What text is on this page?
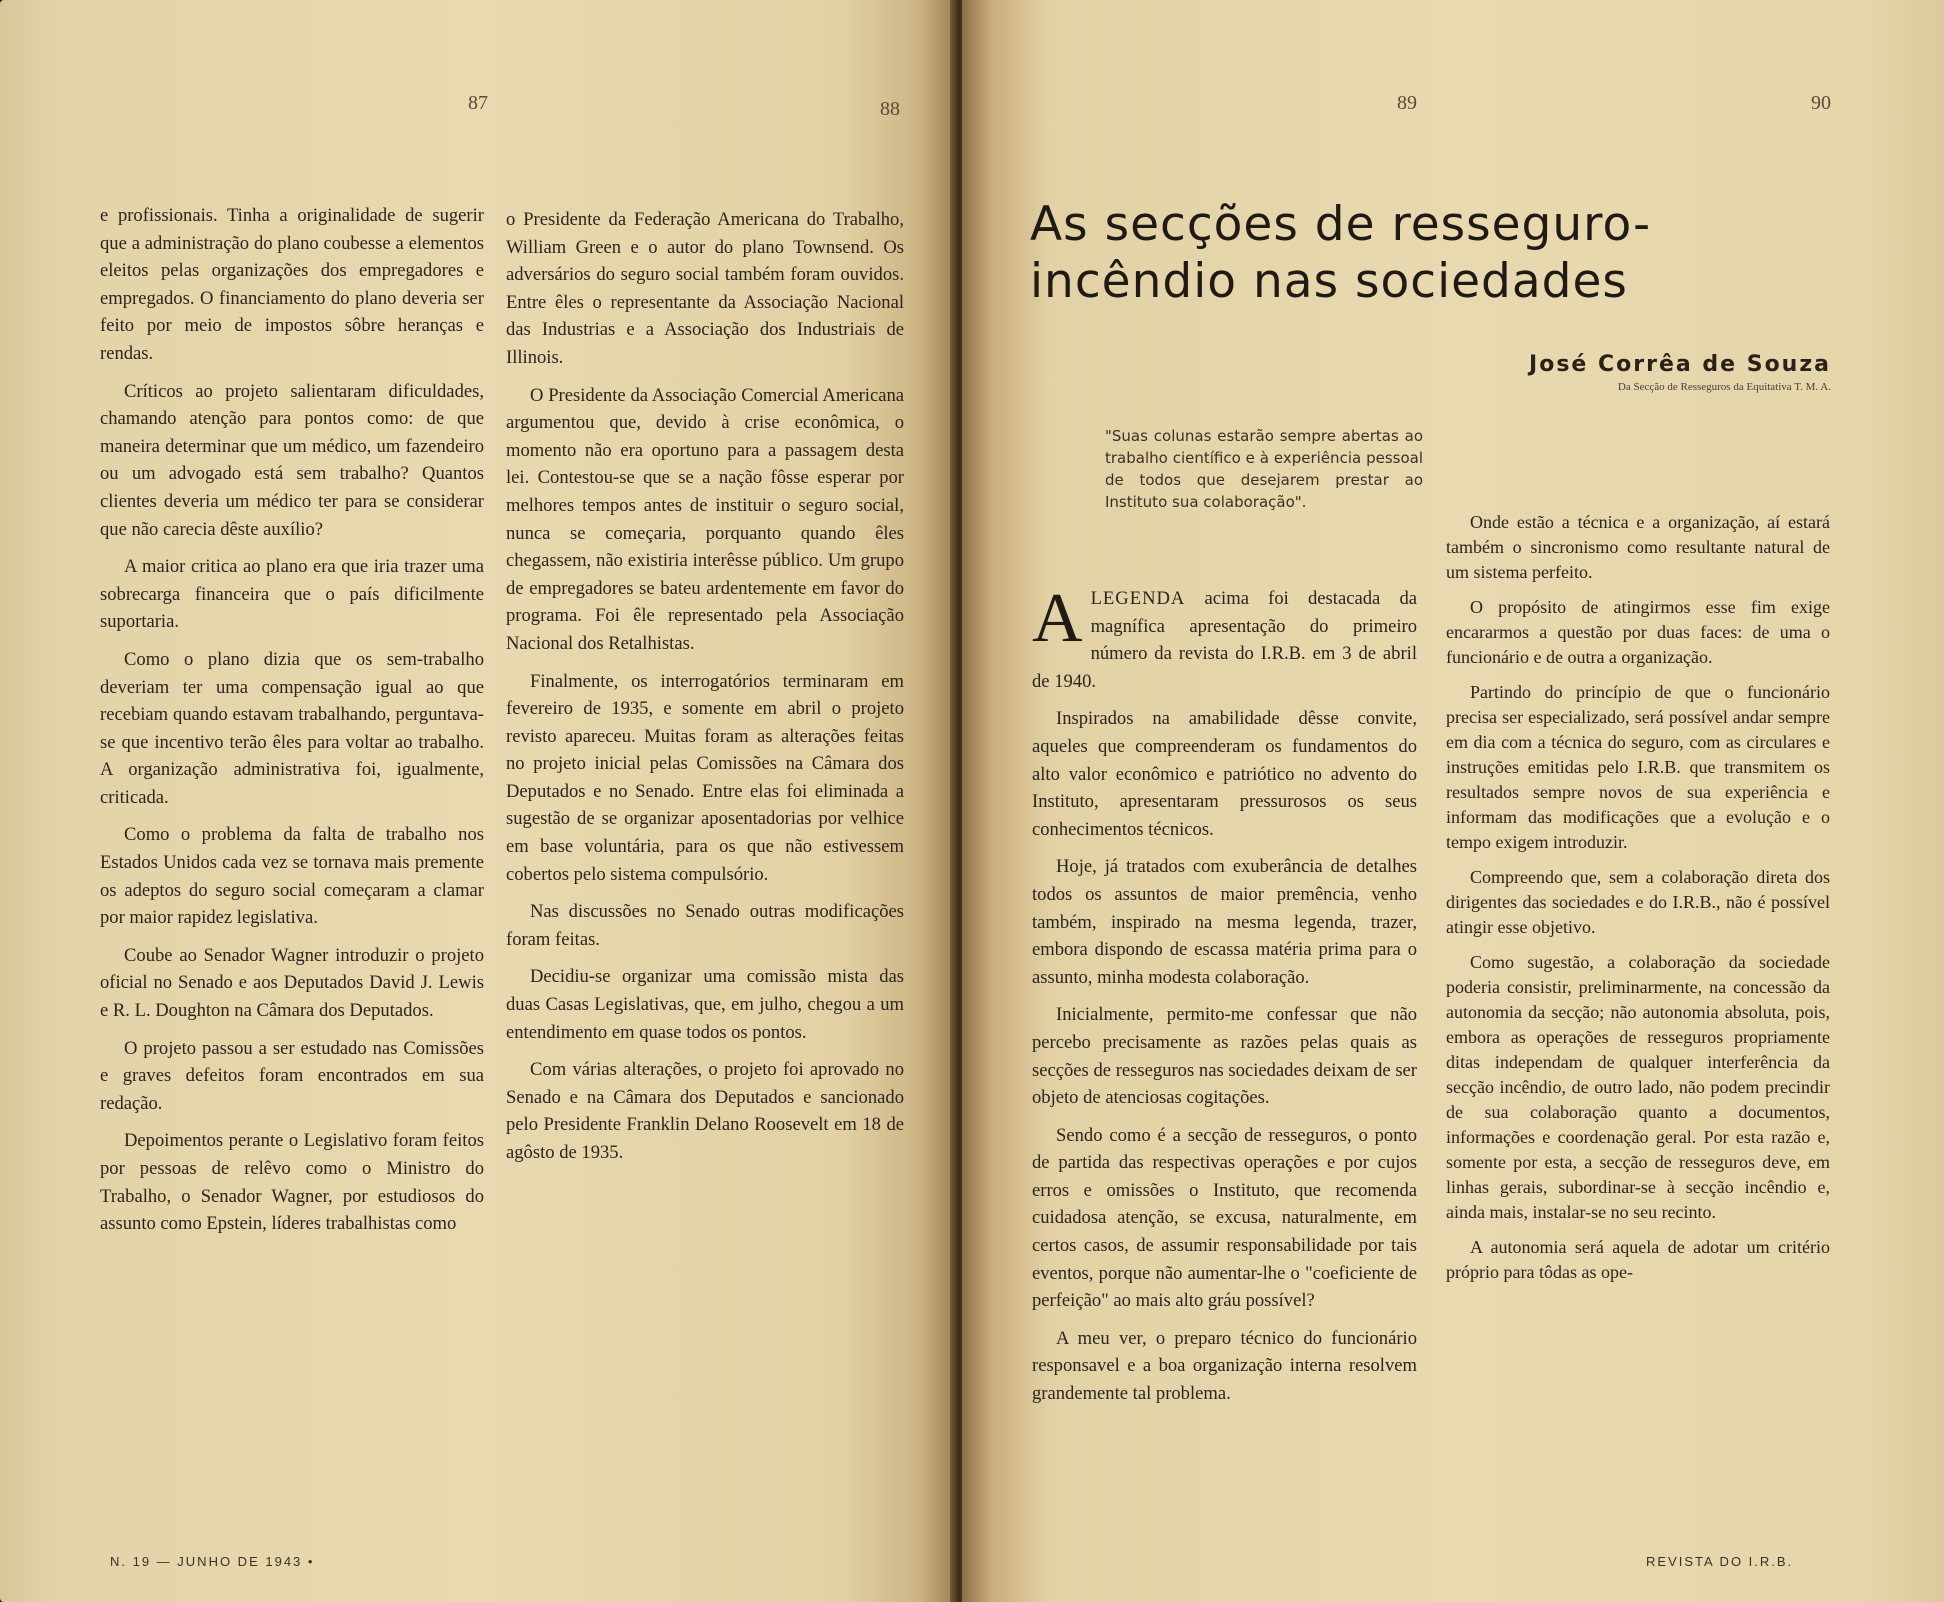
87	88

e profissionais. Tinha a originalidade de sugerir que a administração do plano coubesse a elementos eleitos pelas organizações dos empregadores e empregados. O financiamento do plano deveria ser feito por meio de impostos sôbre heranças e rendas.

Críticos ao projeto salientaram dificuldades, chamando atenção para pontos como: de que maneira determinar que um médico, um fazendeiro ou um advogado está sem trabalho? Quantos clientes deveria um médico ter para se considerar que não carecia dêste auxílio?

A maior critica ao plano era que iria trazer uma sobrecarga financeira que o país dificilmente suportaria.

Como o plano dizia que os sem-trabalho deveriam ter uma compensação igual ao que recebiam quando estavam trabalhando, perguntava-se que incentivo terão êles para voltar ao trabalho. A organização administrativa foi, igualmente, criticada.

Como o problema da falta de trabalho nos Estados Unidos cada vez se tornava mais premente os adeptos do seguro social começaram a clamar por maior rapidez legislativa.

Coube ao Senador Wagner introduzir o projeto oficial no Senado e aos Deputados David J. Lewis e R. L. Doughton na Câmara dos Deputados.

O projeto passou a ser estudado nas Comissões e graves defeitos foram encontrados em sua redação.

Depoimentos perante o Legislativo foram feitos por pessoas de relêvo como o Ministro do Trabalho, o Senador Wagner, por estudiosos do assunto como Epstein, líderes trabalhistas como

o Presidente da Federação Americana do Trabalho, William Green e o autor do plano Townsend. Os adversários do seguro social também foram ouvidos. Entre êles o representante da Associação Nacional das Industrias e a Associação dos Industriais de Illinois.

O Presidente da Associação Comercial Americana argumentou que, devido à crise econômica, o momento não era oportuno para a passagem desta lei. Contestou-se que se a nação fôsse esperar por melhores tempos antes de instituir o seguro social, nunca se começaria, porquanto quando êles chegassem, não existiria interêsse público. Um grupo de empregadores se bateu ardentemente em favor do programa. Foi êle representado pela Associação Nacional dos Retalhistas.

Finalmente, os interrogatórios terminaram em fevereiro de 1935, e somente em abril o projeto revisto apareceu. Muitas foram as alterações feitas no projeto inicial pelas Comissões na Câmara dos Deputados e no Senado. Entre elas foi eliminada a sugestão de se organizar aposentadorias por velhice em base voluntária, para os que não estivessem cobertos pelo sistema compulsório.

Nas discussões no Senado outras modificações foram feitas.

Decidiu-se organizar uma comissão mista das duas Casas Legislativas, que, em julho, chegou a um entendimento em quase todos os pontos.

Com várias alterações, o projeto foi aprovado no Senado e na Câmara dos Deputados e sancionado pelo Presidente Franklin Delano Roosevelt em 18 de agôsto de 1935.

N. 19 — JUNHO DE 1943 •
89	90
As secções de resseguro-incêndio nas sociedades
José Corrêa de Souza
Da Secção de Resseguros da Equitativa T. M. A.
"Suas colunas estarão sempre abertas ao trabalho científico e à experiência pessoal de todos que desejarem prestar ao Instituto sua colaboração".

ALEGENDA acima foi destacada da magnífica apresentação do primeiro número da revista do I.R.B. em 3 de abril de 1940.

Inspirados na amabilidade dêsse convite, aqueles que compreenderam os fundamentos do alto valor econômico e patriótico no advento do Instituto, apresentaram pressurosos os seus conhecimentos técnicos.

Hoje, já tratados com exuberância de detalhes todos os assuntos de maior premência, venho também, inspirado na mesma legenda, trazer, embora dispondo de escassa matéria prima para o assunto, minha modesta colaboração.

Inicialmente, permito-me confessar que não percebo precisamente as razões pelas quais as secções de resseguros nas sociedades deixam de ser objeto de atenciosas cogitações.

Sendo como é a secção de resseguros, o ponto de partida das respectivas operações e por cujos erros e omissões o Instituto, que recomenda cuidadosa atenção, se excusa, naturalmente, em certos casos, de assumir responsabilidade por tais eventos, porque não aumentar-lhe o "coeficiente de perfeição" ao mais alto gráu possível?

A meu ver, o preparo técnico do funcionário responsavel e a boa organização interna resolvem grandemente tal problema.

Onde estão a técnica e a organização, aí estará também o sincronismo como resultante natural de um sistema perfeito.

O propósito de atingirmos esse fim exige encararmos a questão por duas faces: de uma o funcionário e de outra a organização.

Partindo do princípio de que o funcionário precisa ser especializado, será possível andar sempre em dia com a técnica do seguro, com as circulares e instruções emitidas pelo I.R.B. que transmitem os resultados sempre novos de sua experiência e informam das modificações que a evolução e o tempo exigem introduzir.

Compreendo que, sem a colaboração direta dos dirigentes das sociedades e do I.R.B., não é possível atingir esse objetivo.

Como sugestão, a colaboração da sociedade poderia consistir, preliminarmente, na concessão da autonomia da secção; não autonomia absoluta, pois, embora as operações de resseguros propriamente ditas independam de qualquer interferência da secção incêndio, de outro lado, não podem precindir de sua colaboração quanto a documentos, informações e coordenação geral. Por esta razão e, somente por esta, a secção de resseguros deve, em linhas gerais, subordinar-se à secção incêndio e, ainda mais, instalar-se no seu recinto.

A autonomia será aquela de adotar um critério próprio para tôdas as ope-

REVISTA DO I.R.B.
